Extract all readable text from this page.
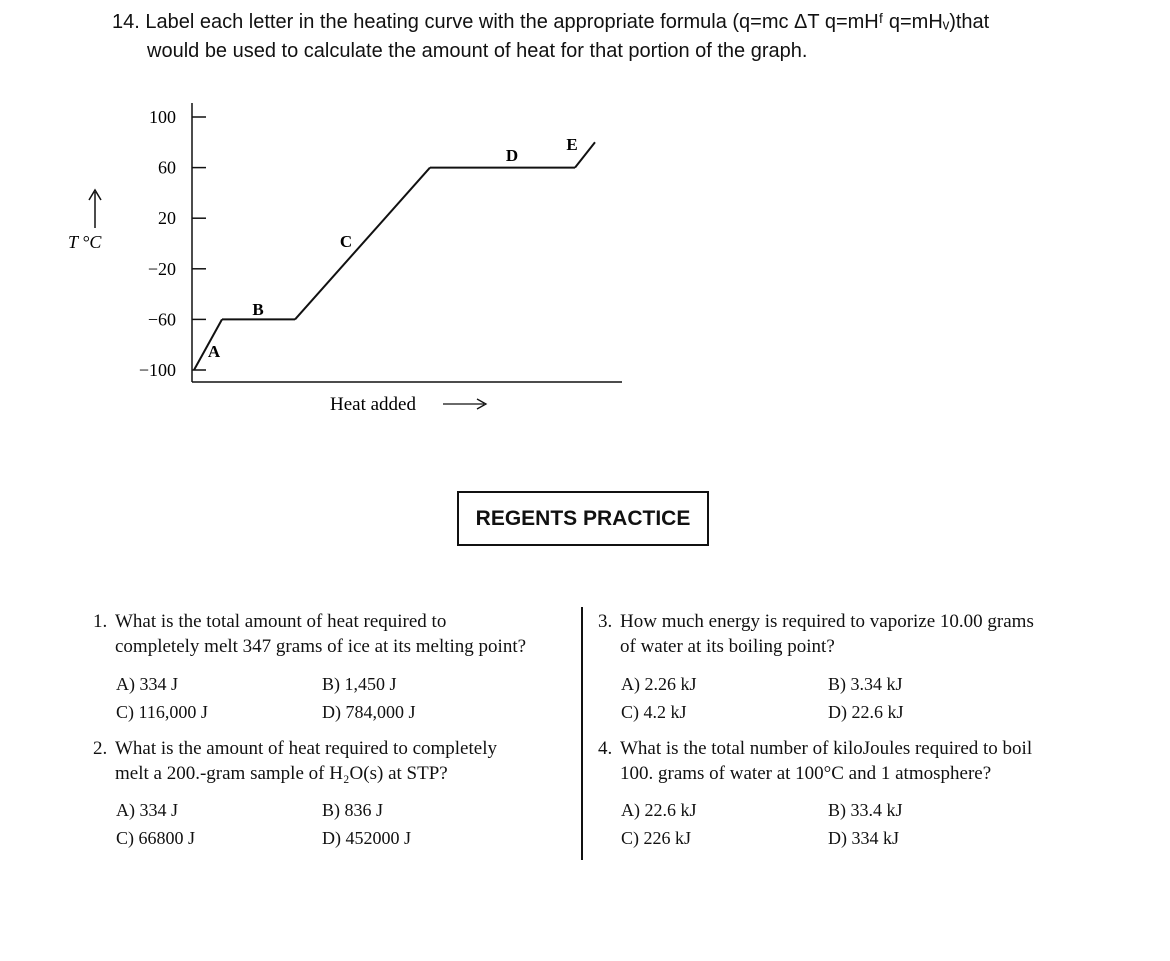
14. Label each letter in the heating curve with the appropriate formula (q=mc ΔT q=mHᶠ q=mHᵥ)that
would be used to calculate the amount of heat for that portion of the graph.
T °C
100
60
20
−20
−60
−100
A
B
C
D
E
Heat added
REGENTS PRACTICE
1. What is the total amount of heat required to
completely melt 347 grams of ice at its melting point?
A) 334 J	B) 1,450 J
C) 116,000 J	D) 784,000 J
2. What is the amount of heat required to completely
melt a 200.-gram sample of H₂O(s) at STP?
A) 334 J	B) 836 J
C) 66800 J	D) 452000 J
3. How much energy is required to vaporize 10.00 grams
of water at its boiling point?
A) 2.26 kJ	B) 3.34 kJ
C) 4.2 kJ	D) 22.6 kJ
4. What is the total number of kiloJoules required to boil
100. grams of water at 100°C and 1 atmosphere?
A) 22.6 kJ	B) 33.4 kJ
C) 226 kJ	D) 334 kJ
